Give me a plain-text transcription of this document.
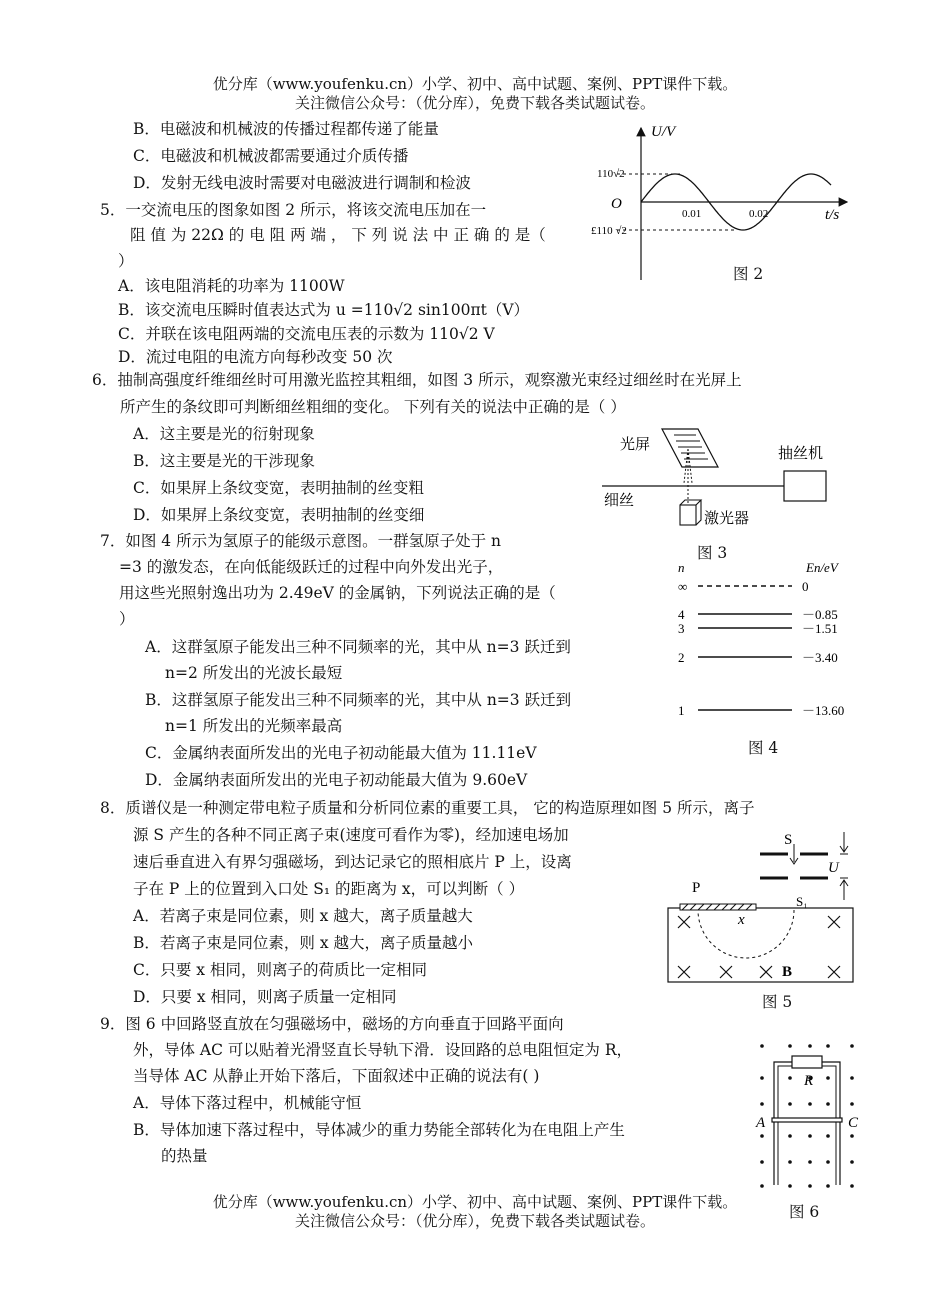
优分库（www.youfenku.cn）小学、初中、高中试题、案例、PPT课件下载。
关注微信公众号：（优分库），免费下载各类试题试卷。
B．电磁波和机械波的传播过程都传递了能量
C．电磁波和机械波都需要通过介质传播
D．发射无线电波时需要对电磁波进行调制和检波
5．一交流电压的图象如图 2 所示，将该交流电压加在一
阻 值 为 22Ω 的 电 阻 两 端 ， 下 列 说 法 中 正 确 的 是（
）
A．该电阻消耗的功率为 1100W
B．该交流电压瞬时值表达式为 u =110√2 sin100πt（V）
C．并联在该电阻两端的交流电压表的示数为 110√2 V
D．流过电阻的电流方向每秒改变 50 次
U/V
t/s
O
110√2
£110 √2
0.01	0.02
图 2
6．抽制高强度纤维细丝时可用激光监控其粗细，如图 3 所示，观察激光束经过细丝时在光屏上
所产生的条纹即可判断细丝粗细的变化。 下列有关的说法中正确的是（ ）
A．这主要是光的衍射现象
B．这主要是光的干涉现象
C．如果屏上条纹变宽，表明抽制的丝变粗
D．如果屏上条纹变宽，表明抽制的丝变细
光屏
抽丝机
细丝
激光器
图 3
7．如图 4 所示为氢原子的能级示意图。一群氢原子处于 n
=3 的激发态，在向低能级跃迁的过程中向外发出光子，
用这些光照射逸出功为 2.49eV 的金属钠，下列说法正确的是（
）
A．这群氢原子能发出三种不同频率的光，其中从 n=3 跃迁到
n=2 所发出的光波长最短
B．这群氢原子能发出三种不同频率的光，其中从 n=3 跃迁到
n=1 所发出的光频率最高
C．金属纳表面所发出的光电子初动能最大值为 11.11eV
D．金属纳表面所发出的光电子初动能最大值为 9.60eV
n	En/eV
∞	0
4	－0.85
3	－1.51
2	－3.40
1	－13.60
图 4
8．质谱仪是一种测定带电粒子质量和分析同位素的重要工具， 它的构造原理如图 5 所示，离子
源 S 产生的各种不同正离子束(速度可看作为零)，经加速电场加
速后垂直进入有界匀强磁场，到达记录它的照相底片 P 上，设离
子在 P 上的位置到入口处 S₁ 的距离为 x，可以判断（ ）
A．若离子束是同位素，则 x 越大，离子质量越大
B．若离子束是同位素，则 x 越大，离子质量越小
C．只要 x 相同，则离子的荷质比一定相同
D．只要 x 相同，则离子质量一定相同
S
U
P
S₁
x
B
图 5
9．图 6 中回路竖直放在匀强磁场中，磁场的方向垂直于回路平面向
外，导体 AC 可以贴着光滑竖直长导轨下滑．设回路的总电阻恒定为 R，
当导体 AC 从静止开始下落后，下面叙述中正确的说法有( )
A．导体下落过程中，机械能守恒
B．导体加速下落过程中，导体减少的重力势能全部转化为在电阻上产生
的热量
R
A	C
图 6
优分库（www.youfenku.cn）小学、初中、高中试题、案例、PPT课件下载。
关注微信公众号：（优分库），免费下载各类试题试卷。
